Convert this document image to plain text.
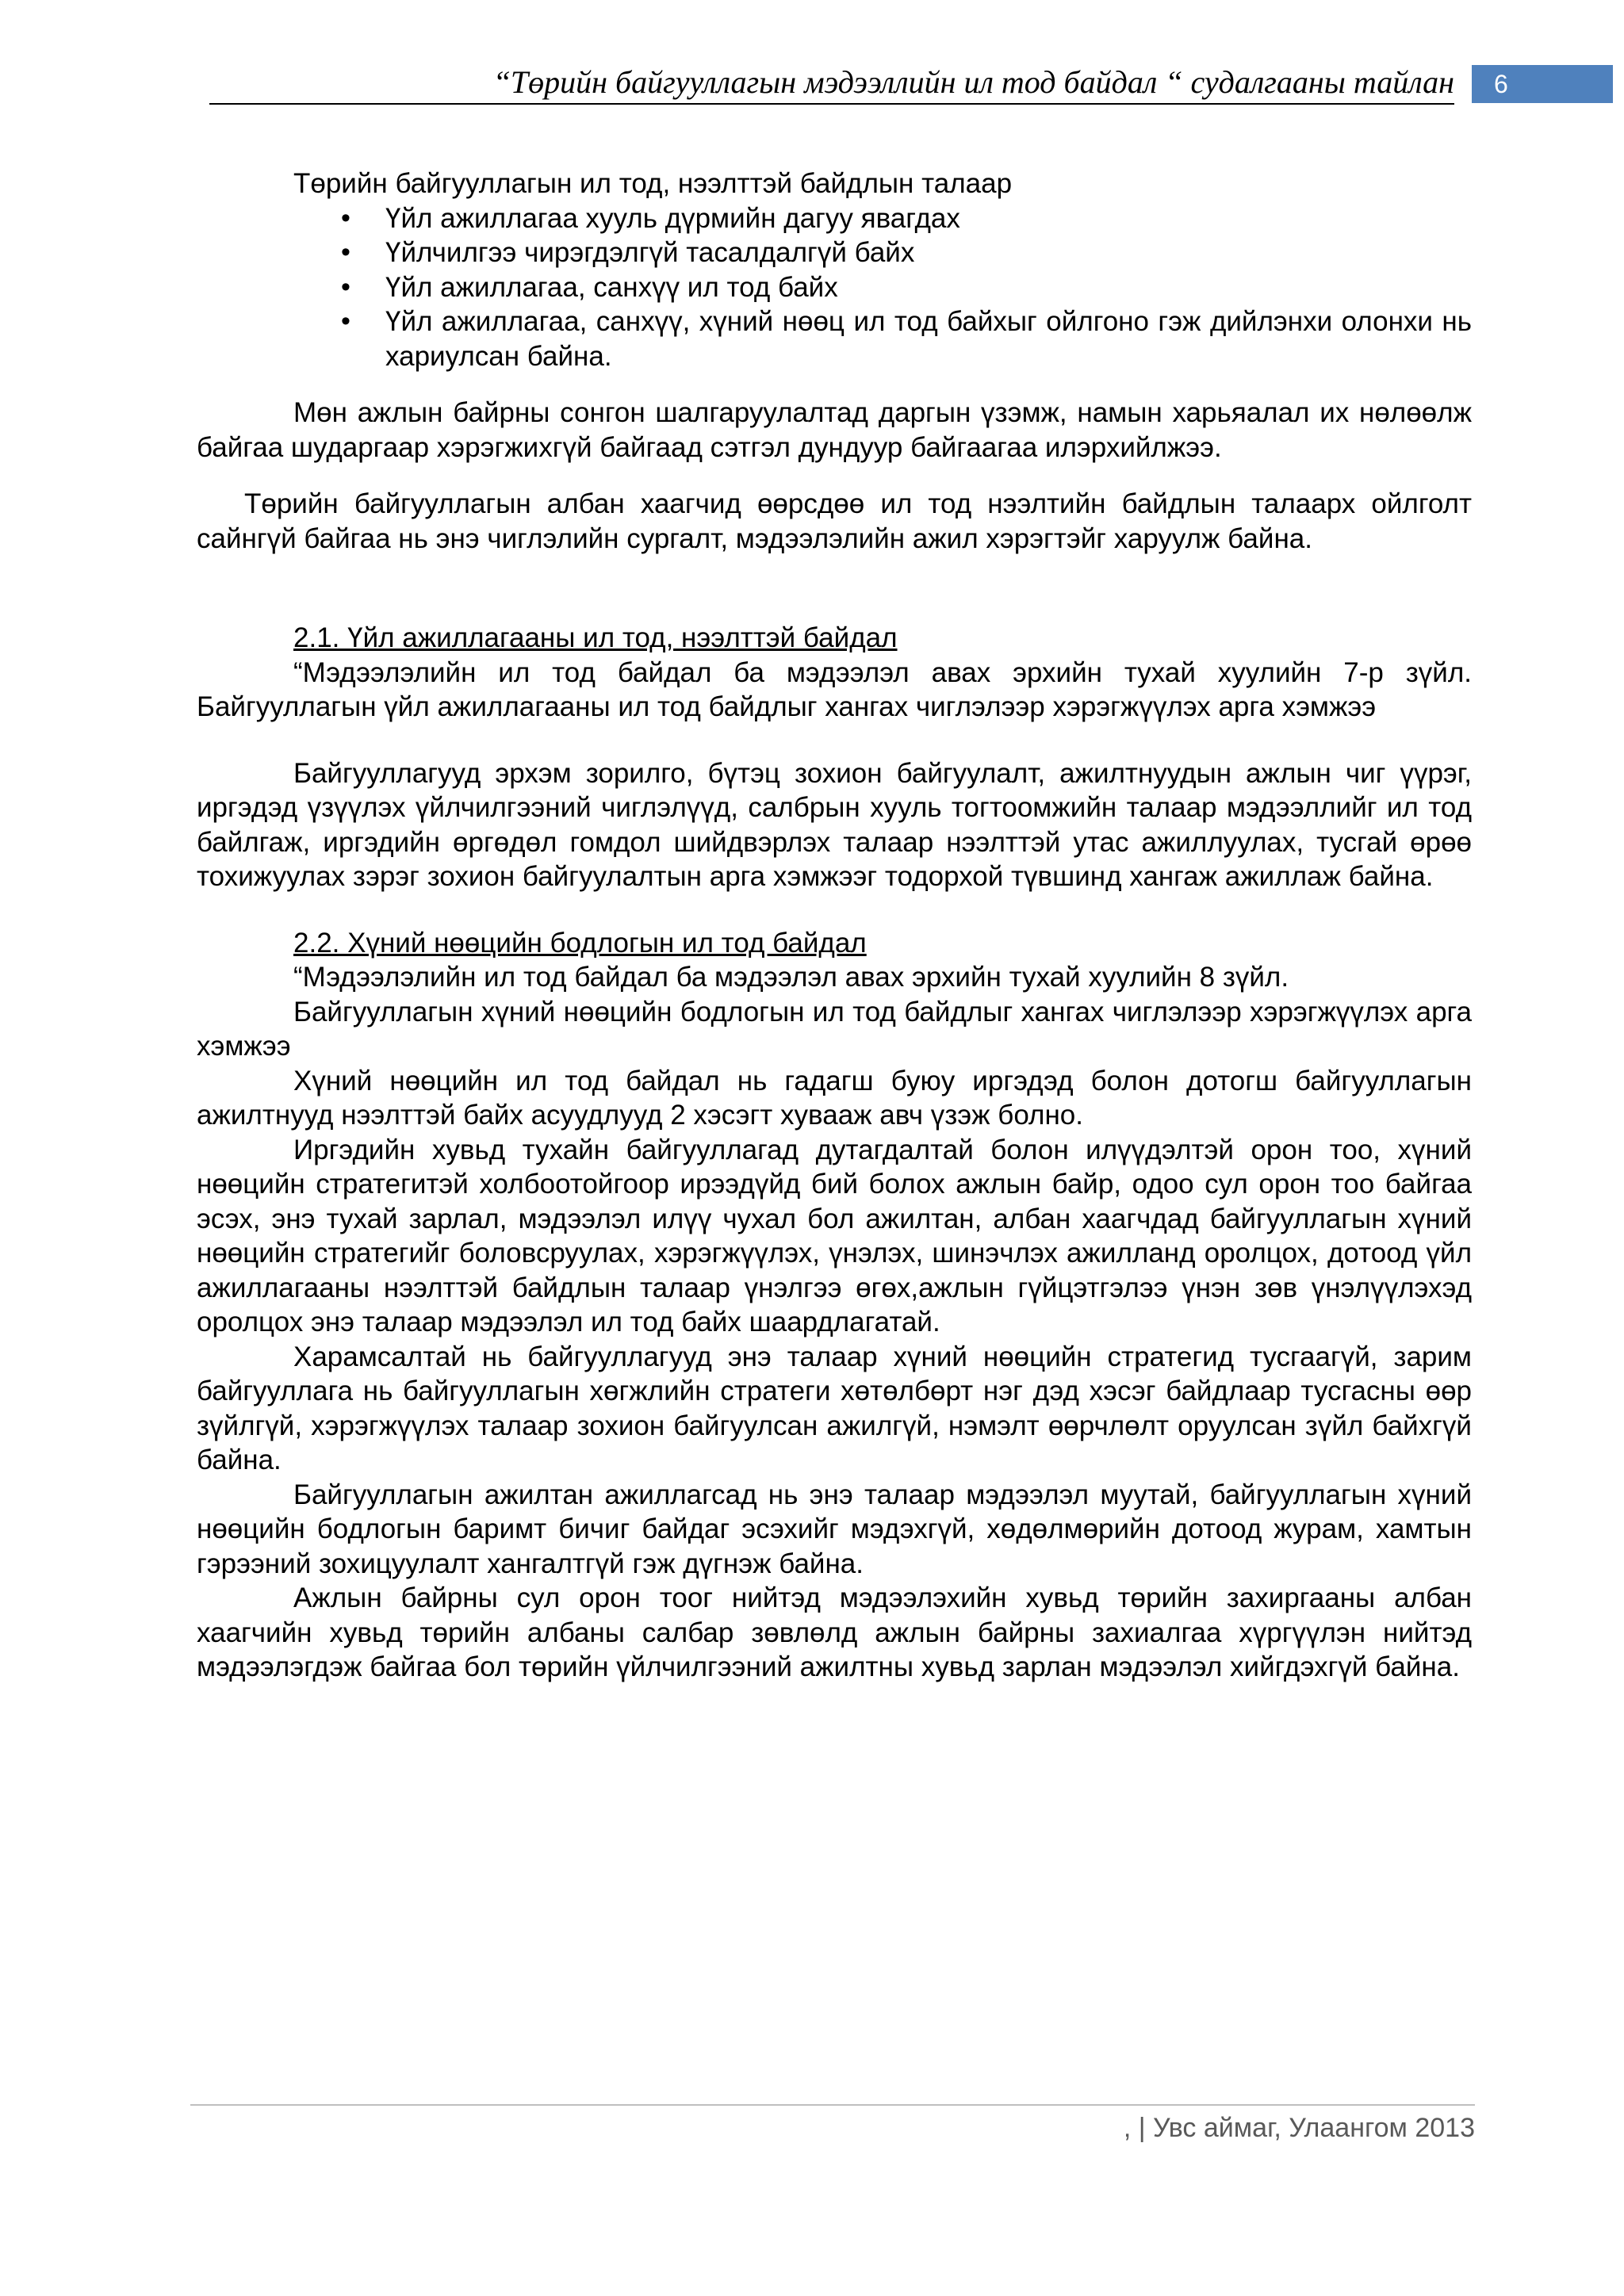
“Төрийн байгууллагын мэдээллийн ил тод байдал “ судалгааны тайлан	6

Төрийн байгууллагын ил тод, нээлттэй байдлын талаар

• Үйл ажиллагаа хууль дүрмийн дагуу явагдах
• Үйлчилгээ чирэгдэлгүй тасалдалгүй байх
• Үйл ажиллагаа, санхүү ил тод байх
• Үйл ажиллагаа, санхүү, хүний нөөц ил тод байхыг ойлгоно гэж дийлэнхи олонхи нь хариулсан байна.

Мөн ажлын байрны сонгон шалгаруулалтад даргын үзэмж, намын харьяалал их нөлөөлж байгаа шударгаар хэрэгжихгүй байгаад сэтгэл дундуур байгаагаа илэрхийлжээ.

Төрийн байгууллагын албан хаагчид өөрсдөө ил тод нээлтийн байдлын талаарх ойлголт сайнгүй байгаа нь энэ чиглэлийн сургалт, мэдээлэлийн ажил хэрэгтэйг харуулж байна.

2.1. Үйл ажиллагааны ил тод, нээлттэй байдал

“Мэдээлэлийн ил тод байдал ба мэдээлэл авах эрхийн тухай хуулийн 7-р зүйл. Байгууллагын үйл ажиллагааны ил тод байдлыг хангах чиглэлээр хэрэгжүүлэх арга хэмжээ

Байгууллагууд эрхэм зорилго, бүтэц зохион байгуулалт, ажилтнуудын ажлын чиг үүрэг, иргэдэд үзүүлэх үйлчилгээний чиглэлүүд, салбрын хууль тогтоомжийн талаар мэдээллийг ил тод байлгаж, иргэдийн өргөдөл гомдол шийдвэрлэх талаар нээлттэй утас ажиллуулах, тусгай өрөө тохижуулах зэрэг зохион байгуулалтын арга хэмжээг тодорхой түвшинд хангаж ажиллаж байна.

2.2. Хүний нөөцийн бодлогын ил тод байдал

“Мэдээлэлийн ил тод байдал ба мэдээлэл авах эрхийн тухай хуулийн 8 зүйл.

Байгууллагын хүний нөөцийн бодлогын ил тод байдлыг хангах чиглэлээр хэрэгжүүлэх арга хэмжээ

Хүний нөөцийн ил тод байдал нь гадагш буюу иргэдэд болон дотогш байгууллагын ажилтнууд нээлттэй байх асуудлууд 2 хэсэгт хувааж авч үзэж болно.

Иргэдийн хувьд тухайн байгууллагад дутагдалтай болон илүүдэлтэй орон тоо, хүний нөөцийн стратегитэй холбоотойгоор ирээдүйд бий болох ажлын байр, одоо сул орон тоо байгаа эсэх, энэ тухай зарлал, мэдээлэл илүү чухал бол ажилтан, албан хаагчдад байгууллагын хүний нөөцийн стратегийг боловсруулах, хэрэгжүүлэх, үнэлэх, шинэчлэх ажилланд оролцох, дотоод үйл ажиллагааны нээлттэй байдлын талаар үнэлгээ өгөх,ажлын гүйцэтгэлээ үнэн зөв үнэлүүлэхэд оролцох энэ талаар мэдээлэл ил тод байх шаардлагатай.

Харамсалтай нь байгууллагууд энэ талаар хүний нөөцийн стратегид тусгаагүй, зарим байгууллага нь байгууллагын хөгжлийн стратеги хөтөлбөрт нэг дэд хэсэг байдлаар тусгасны өөр зүйлгүй, хэрэгжүүлэх талаар зохион байгуулсан ажилгүй, нэмэлт өөрчлөлт оруулсан зүйл байхгүй байна.

Байгууллагын ажилтан ажиллагсад нь энэ талаар мэдээлэл муутай, байгууллагын хүний нөөцийн бодлогын баримт бичиг байдаг эсэхийг мэдэхгүй, хөдөлмөрийн дотоод журам, хамтын гэрээний зохицуулалт хангалтгүй гэж дүгнэж байна.

Ажлын байрны сул орон тоог нийтэд мэдээлэхийн хувьд төрийн захиргааны албан хаагчийн хувьд төрийн албаны салбар зөвлөлд ажлын байрны захиалгаа хүргүүлэн нийтэд мэдээлэгдэж байгаа бол төрийн үйлчилгээний ажилтны хувьд зарлан мэдээлэл хийгдэхгүй байна.

, | Увс аймаг, Улаангом 2013
